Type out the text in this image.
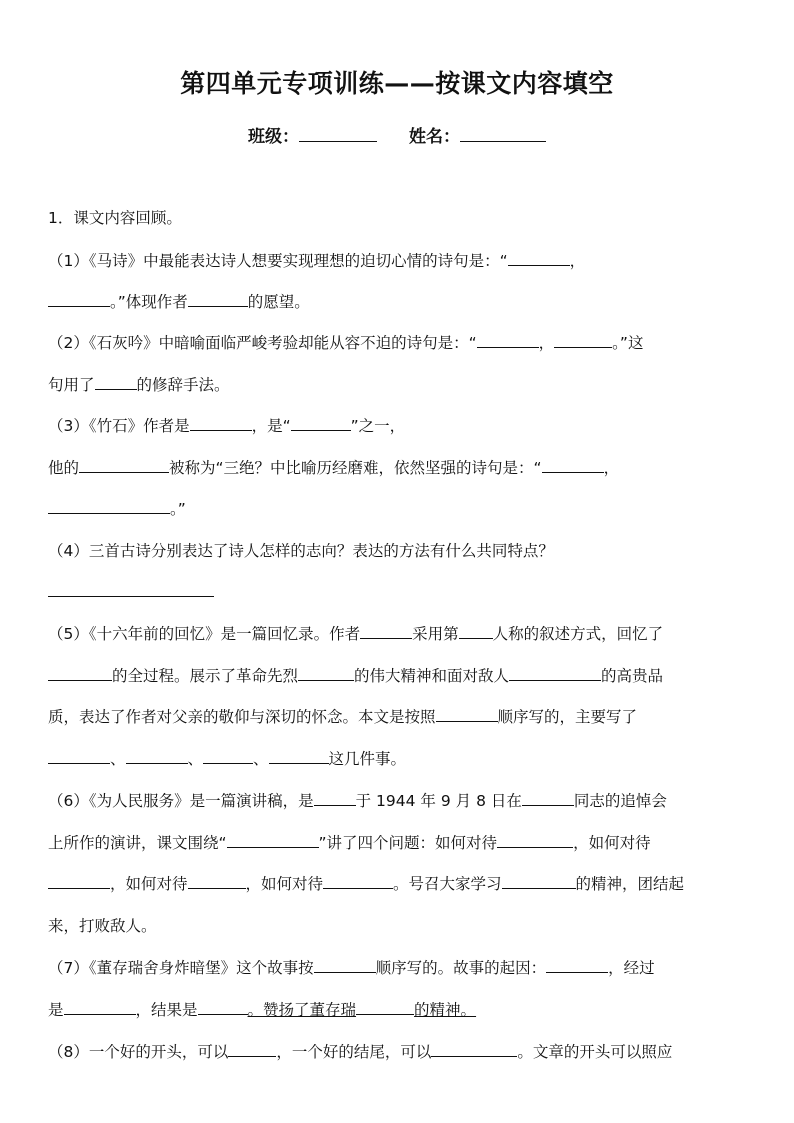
第四单元专项训练——按课文内容填空
班级：	姓名：
1．课文内容回顾。
（1）《马诗》中最能表达诗人想要实现理想的迫切心情的诗句是：“	，
。”体现作者	的愿望。
（2）《石灰吟》中暗喻面临严峻考验却能从容不迫的诗句是：“	，	。”这
句用了	的修辞手法。
（3）《竹石》作者是	，是“	”之一，
他的	被称为“三绝？中比喻历经磨难，依然坚强的诗句是：“	，
。”
（4）三首古诗分别表达了诗人怎样的志向？表达的方法有什么共同特点？
（5）《十六年前的回忆》是一篇回忆录。作者	采用第 人称的叙述方式，回忆了
的全过程。展示了革命先烈	的伟大精神和面对敌人	的高贵品
质，表达了作者对父亲的敬仰与深切的怀念。本文是按照	顺序写的，主要写了
、	、	、	这几件事。
（6）《为人民服务》是一篇演讲稿，是	于 1944 年 9 月 8 日在	同志的追悼会
上所作的演讲，课文围绕“	”讲了四个问题：如何对待	，如何对待
，如何对待	，如何对待	。号召大家学习	的精神，团结起
来，打败敌人。
（7）《董存瑞舍身炸暗堡》这个故事按	顺序写的。故事的起因：	，经过
是	，结果是	。赞扬了董存瑞	的精神。
（8）一个好的开头，可以	，一个好的结尾，可以	。文章的开头可以照应
